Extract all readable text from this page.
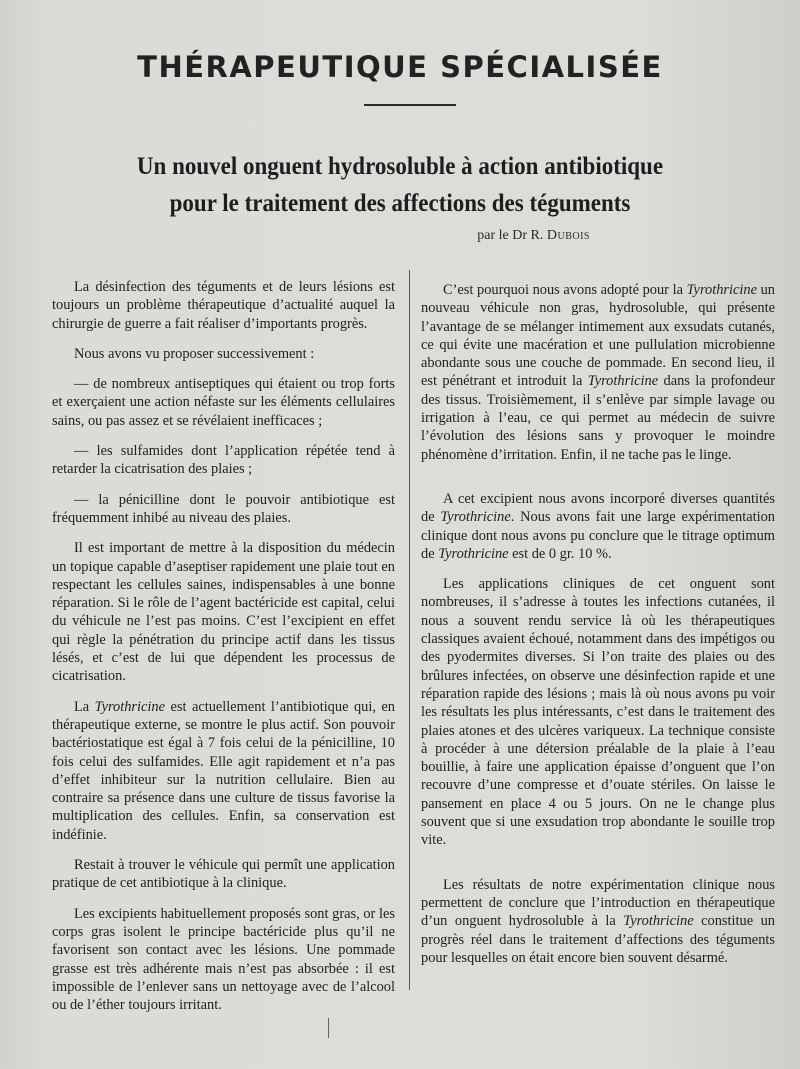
THÉRAPEUTIQUE SPÉCIALISÉE
Un nouvel onguent hydrosoluble à action antibiotique
pour le traitement des affections des téguments
par le Dr R. Dubois

La désinfection des téguments et de leurs lésions est toujours un problème thérapeutique d’actualité auquel la chirurgie de guerre a fait réaliser d’importants progrès.

Nous avons vu proposer successivement :

— de nombreux antiseptiques qui étaient ou trop forts et exerçaient une action néfaste sur les éléments cellulaires sains, ou pas assez et se révélaient inefficaces ;

— les sulfamides dont l’application répétée tend à retarder la cicatrisation des plaies ;

— la pénicilline dont le pouvoir antibiotique est fréquemment inhibé au niveau des plaies.

Il est important de mettre à la disposition du médecin un topique capable d’aseptiser rapidement une plaie tout en respectant les cellules saines, indispensables à une bonne réparation. Si le rôle de l’agent bactéricide est capital, celui du véhicule ne l’est pas moins. C’est l’excipient en effet qui règle la pénétration du principe actif dans les tissus lésés, et c’est de lui que dépendent les processus de cicatrisation.

La Tyrothricine est actuellement l’antibiotique qui, en thérapeutique externe, se montre le plus actif. Son pouvoir bactériostatique est égal à 7 fois celui de la pénicilline, 10 fois celui des sulfamides. Elle agit rapidement et n’a pas d’effet inhibiteur sur la nutrition cellulaire. Bien au contraire sa présence dans une culture de tissus favorise la multiplication des cellules. Enfin, sa conservation est indéfinie.

Restait à trouver le véhicule qui permît une application pratique de cet antibiotique à la clinique.

Les excipients habituellement proposés sont gras, or les corps gras isolent le principe bactéricide plus qu’il ne favorisent son contact avec les lésions. Une pommade grasse est très adhérente mais n’est pas absorbée : il est impossible de l’enlever sans un nettoyage avec de l’alcool ou de l’éther toujours irritant.

C’est pourquoi nous avons adopté pour la Tyrothricine un nouveau véhicule non gras, hydrosoluble, qui présente l’avantage de se mélanger intimement aux exsudats cutanés, ce qui évite une macération et une pullulation microbienne abondante sous une couche de pommade. En second lieu, il est pénétrant et introduit la Tyrothricine dans la profondeur des tissus. Troisièmement, il s’enlève par simple lavage ou irrigation à l’eau, ce qui permet au médecin de suivre l’évolution des lésions sans y provoquer le moindre phénomène d’irritation. Enfin, il ne tache pas le linge.

A cet excipient nous avons incorporé diverses quantités de Tyrothricine. Nous avons fait une large expérimentation clinique dont nous avons pu conclure que le titrage optimum de Tyrothricine est de 0 gr. 10 %.

Les applications cliniques de cet onguent sont nombreuses, il s’adresse à toutes les infections cutanées, il nous a souvent rendu service là où les thérapeutiques classiques avaient échoué, notamment dans des impétigos ou des pyodermites diverses. Si l’on traite des plaies ou des brûlures infectées, on observe une désinfection rapide et une réparation rapide des lésions ; mais là où nous avons pu voir les résultats les plus intéressants, c’est dans le traitement des plaies atones et des ulcères variqueux. La technique consiste à procéder à une détersion préalable de la plaie à l’eau bouillie, à faire une application épaisse d’onguent que l’on recouvre d’une compresse et d’ouate stériles. On laisse le pansement en place 4 ou 5 jours. On ne le change plus souvent que si une exsudation trop abondante le souille trop vite.

Les résultats de notre expérimentation clinique nous permettent de conclure que l’introduction en thérapeutique d’un onguent hydrosoluble à la Tyrothricine constitue un progrès réel dans le traitement d’affections des téguments pour lesquelles on était encore bien souvent désarmé.
